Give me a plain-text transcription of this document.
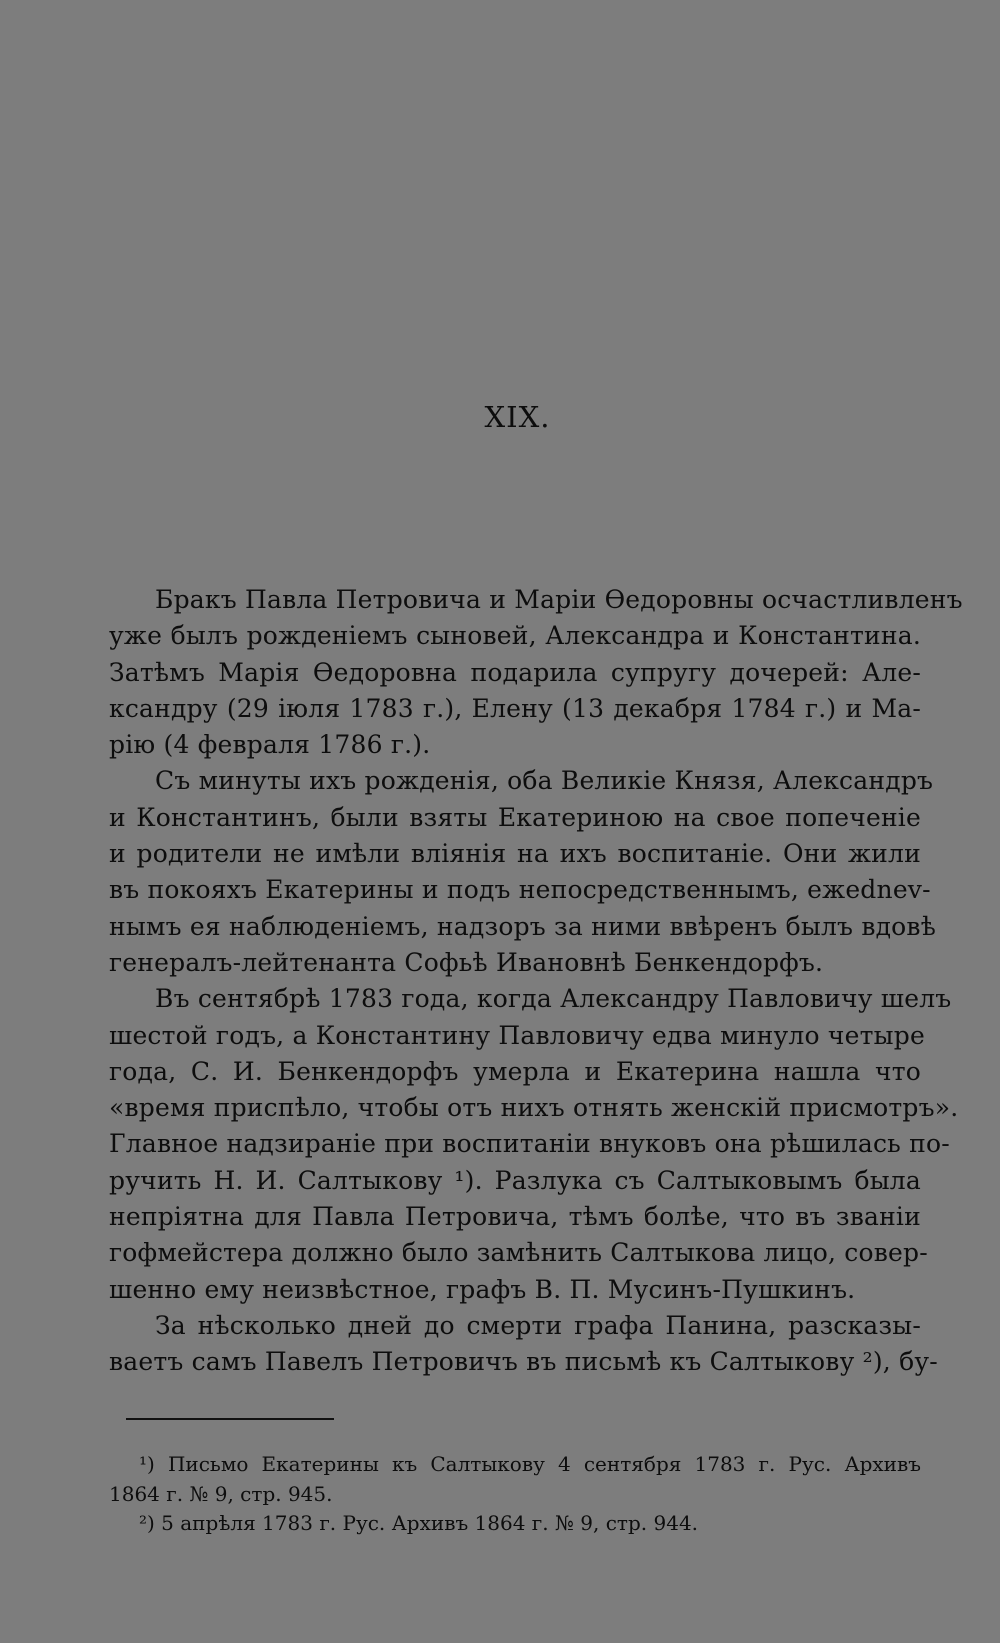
XIX.
Бракъ Павла Петровича и Маріи Ѳедоровны осчастливленъ
уже былъ рожденіемъ сыновей, Александра и Константина.
Затѣмъ Марія Ѳедоровна подарила супругу дочерей: Але-
ксандру (29 іюля 1783 г.), Елену (13 декабря 1784 г.) и Ма-
рію (4 февраля 1786 г.).
Съ минуты ихъ рожденія, оба Великіе Князя, Александръ
и Константинъ, были взяты Екатериною на свое попеченіе
и родители не имѣли вліянія на ихъ воспитаніе. Они жили
въ покояхъ Екатерины и подъ непосредственнымъ, ежednev-
нымъ ея наблюденіемъ, надзоръ за ними ввѣренъ былъ вдовѣ
генералъ-лейтенанта Софьѣ Ивановнѣ Бенкендорфъ.
Въ сентябрѣ 1783 года, когда Александру Павловичу шелъ
шестой годъ, а Константину Павловичу едва минуло четыре
года, С. И. Бенкендорфъ умерла и Екатерина нашла что
«время приспѣло, чтобы отъ нихъ отнять женскій присмотръ».
Главное надзираніе при воспитаніи внуковъ она рѣшилась по-
ручить Н. И. Салтыкову ¹). Разлука съ Салтыковымъ была
непріятна для Павла Петровича, тѣмъ болѣе, что въ званіи
гофмейстера должно было замѣнить Салтыкова лицо, совер-
шенно ему неизвѣстное, графъ В. П. Мусинъ-Пушкинъ.
За нѣсколько дней до смерти графа Панина, разсказы-
ваетъ самъ Павелъ Петровичъ въ письмѣ къ Салтыкову ²), бу-
¹) Письмо Екатерины къ Салтыкову 4 сентября 1783 г. Рус. Архивъ
1864 г. № 9, стр. 945.
²) 5 апрѣля 1783 г. Рус. Архивъ 1864 г. № 9, стр. 944.
